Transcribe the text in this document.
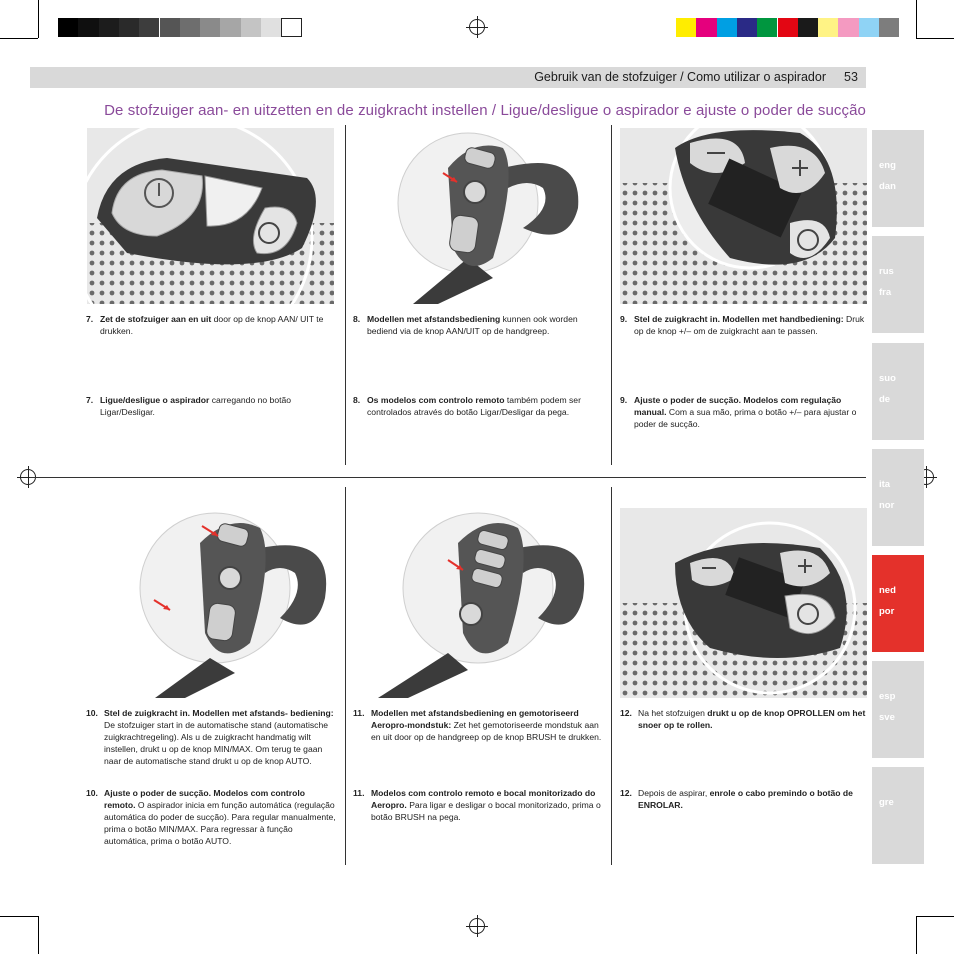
Gebruik van de stofzuiger / Como utilizar o aspirador	53
De stofzuiger aan- en uitzetten en de zuigkracht instellen / Ligue/desligue o aspirador e ajuste o poder de sucção
7. Zet de stofzuiger aan en uit door op de knop AAN/ UIT te drukken.
7. Ligue/desligue o aspirador carregando no botão Ligar/Desligar.
8. Modellen met afstandsbediening kunnen ook worden bediend via de knop AAN/UIT op de handgreep.
8. Os modelos com controlo remoto também podem ser controlados através do botão Ligar/Desligar da pega.
9. Stel de zuigkracht in. Modellen met handbediening: Druk op de knop +/– om de zuigkracht aan te passen.
9. Ajuste o poder de sucção. Modelos com regulação manual. Com a sua mão, prima o botão +/– para ajustar o poder de sucção.
10. Stel de zuigkracht in. Modellen met afstands- bediening: De stofzuiger start in de automatische stand (automatische zuigkrachtregeling). Als u de zuigkracht handmatig wilt instellen, drukt u op de knop MIN/MAX. Om terug te gaan naar de automatische stand drukt u op de knop AUTO.
10. Ajuste o poder de sucção. Modelos com controlo remoto. O aspirador inicia em função automática (regulação automática do poder de sucção). Para regular manualmente, prima o botão MIN/MAX. Para regressar à função automática, prima o botão AUTO.
11. Modellen met afstandsbediening en gemotoriseerd Aeropro-mondstuk: Zet het gemotoriseerde mondstuk aan en uit door op de handgreep op de knop BRUSH te drukken.
11. Modelos com controlo remoto e bocal monitorizado do Aeropro. Para ligar e desligar o bocal monitorizado, prima o botão BRUSH na pega.
12. Na het stofzuigen drukt u op de knop OPROLLEN om het snoer op te rollen.
12. Depois de aspirar, enrole o cabo premindo o botão de ENROLAR.
eng
dan
rus
fra
suo
de
ita
nor
ned
por
esp
sve
gre
